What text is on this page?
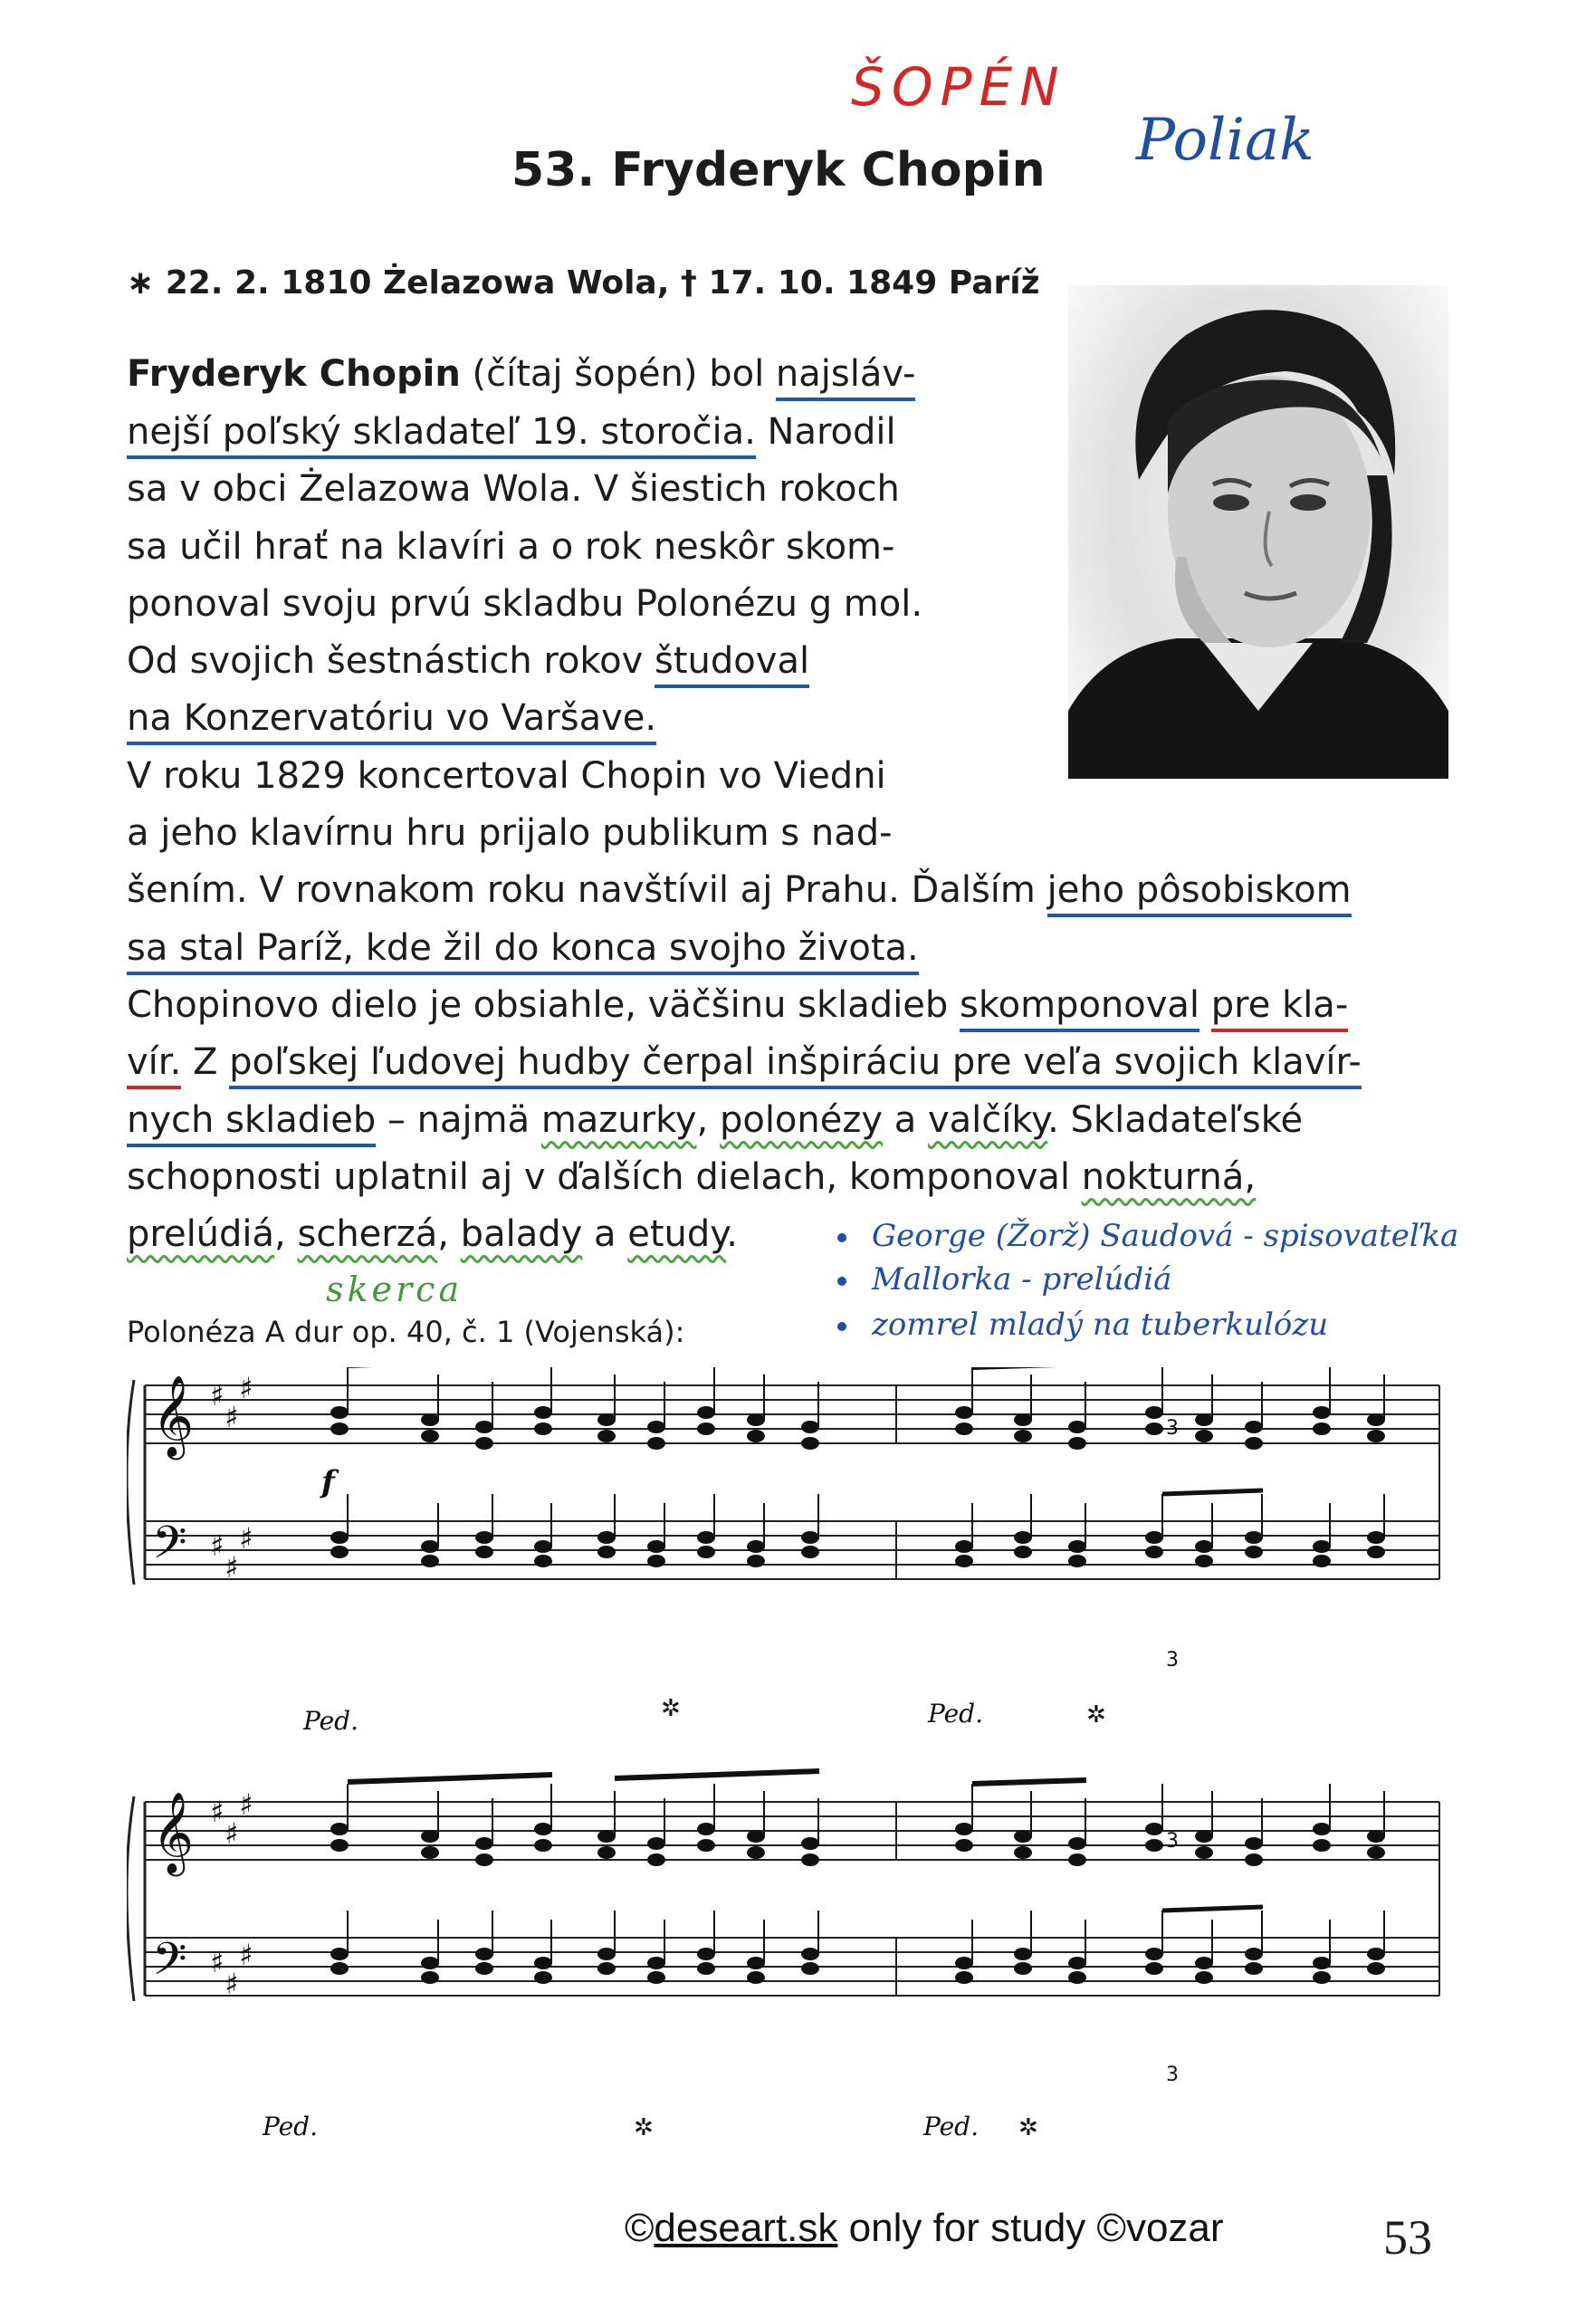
ŠOPÉN
Poliak
53. Fryderyk Chopin
∗ 22. 2. 1810 Żelazowa Wola, † 17. 10. 1849 Paríž
Fryderyk Chopin (čítaj šopén) bol najsláv-
nejší poľský skladateľ 19. storočia. Narodil
sa v obci Żelazowa Wola. V šiestich rokoch
sa učil hrať na klavíri a o rok neskôr skom-
ponoval svoju prvú skladbu Polonézu g mol.
Od svojich šestnástich rokov študoval
na Konzervatóriu vo Varšave.
V roku 1829 koncertoval Chopin vo Viedni
a jeho klavírnu hru prijalo publikum s nad-
šením. V rovnakom roku navštívil aj Prahu. Ďalším jeho pôsobiskom
sa stal Paríž, kde žil do konca svojho života.
Chopinovo dielo je obsiahle, väčšinu skladieb skomponoval pre kla-
vír. Z poľskej ľudovej hudby čerpal inšpiráciu pre veľa svojich klavír-
nych skladieb – najmä mazurky, polonézy a valčíky. Skladateľské
schopnosti uplatnil aj v ďalších dielach, komponoval nokturná,
prelúdiá, scherzá, balady a etudy.
skerca
George (Žorž) Saudová - spisovateľka
Mallorka - prelúdiá
zomrel mladý na tuberkulózu
Polonéza A dur op. 40, č. 1 (Vojenská):
𝄞
𝄢
♯
♯
♯
♯
♯
♯
𝄞
𝄢
♯
♯
♯
♯
♯
♯
f
3
3
3
3
Ped.	✲	Ped.	✲
Ped.	✲	Ped. ✲
©deseart.sk only for study ©vozar	53
